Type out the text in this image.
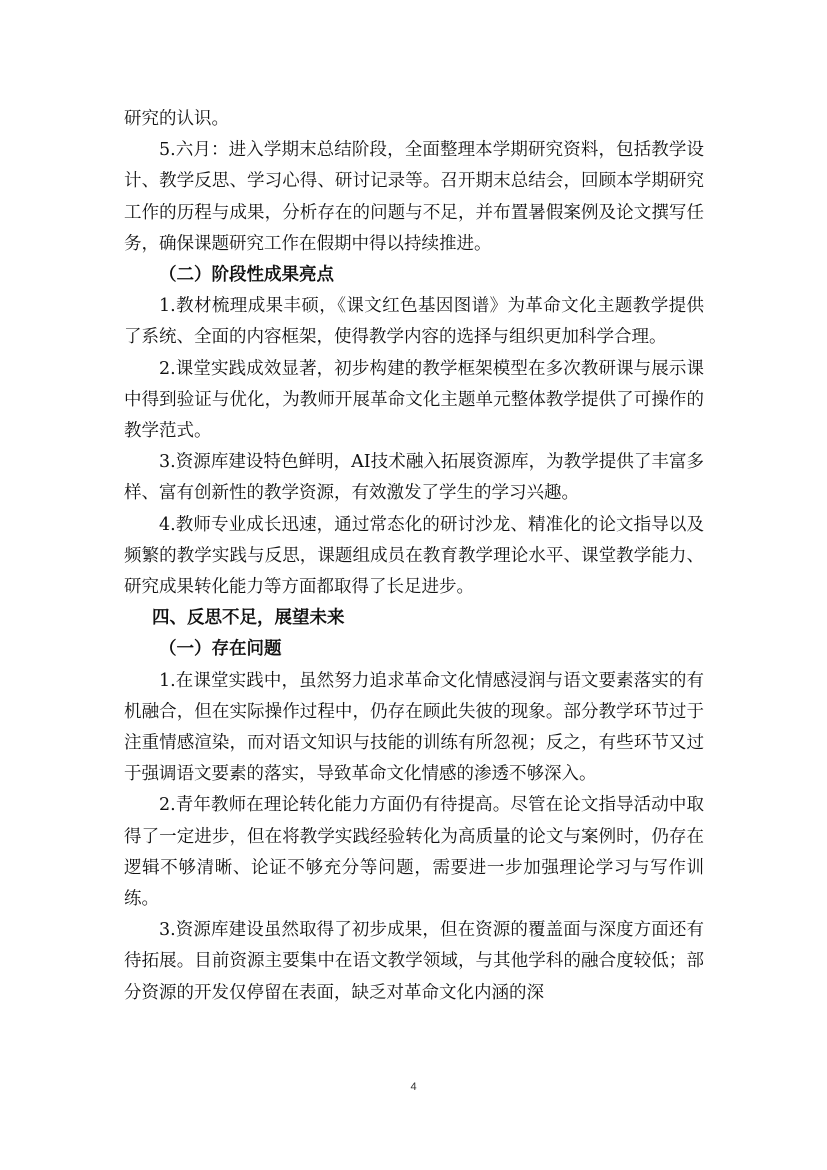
研究的认识。

5.六月：进入学期末总结阶段，全面整理本学期研究资料，包括教学设计、教学反思、学习心得、研讨记录等。召开期末总结会，回顾本学期研究工作的历程与成果，分析存在的问题与不足，并布置暑假案例及论文撰写任务，确保课题研究工作在假期中得以持续推进。

（二）阶段性成果亮点

1.教材梳理成果丰硕，《课文红色基因图谱》为革命文化主题教学提供了系统、全面的内容框架，使得教学内容的选择与组织更加科学合理。

2.课堂实践成效显著，初步构建的教学框架模型在多次教研课与展示课中得到验证与优化，为教师开展革命文化主题单元整体教学提供了可操作的教学范式。

3.资源库建设特色鲜明，AI技术融入拓展资源库，为教学提供了丰富多样、富有创新性的教学资源，有效激发了学生的学习兴趣。

4.教师专业成长迅速，通过常态化的研讨沙龙、精准化的论文指导以及频繁的教学实践与反思，课题组成员在教育教学理论水平、课堂教学能力、研究成果转化能力等方面都取得了长足进步。

四、反思不足，展望未来

（一）存在问题

1.在课堂实践中，虽然努力追求革命文化情感浸润与语文要素落实的有机融合，但在实际操作过程中，仍存在顾此失彼的现象。部分教学环节过于注重情感渲染，而对语文知识与技能的训练有所忽视；反之，有些环节又过于强调语文要素的落实，导致革命文化情感的渗透不够深入。

2.青年教师在理论转化能力方面仍有待提高。尽管在论文指导活动中取得了一定进步，但在将教学实践经验转化为高质量的论文与案例时，仍存在逻辑不够清晰、论证不够充分等问题，需要进一步加强理论学习与写作训练。

3.资源库建设虽然取得了初步成果，但在资源的覆盖面与深度方面还有待拓展。目前资源主要集中在语文教学领域，与其他学科的融合度较低；部分资源的开发仅停留在表面，缺乏对革命文化内涵的深

4
